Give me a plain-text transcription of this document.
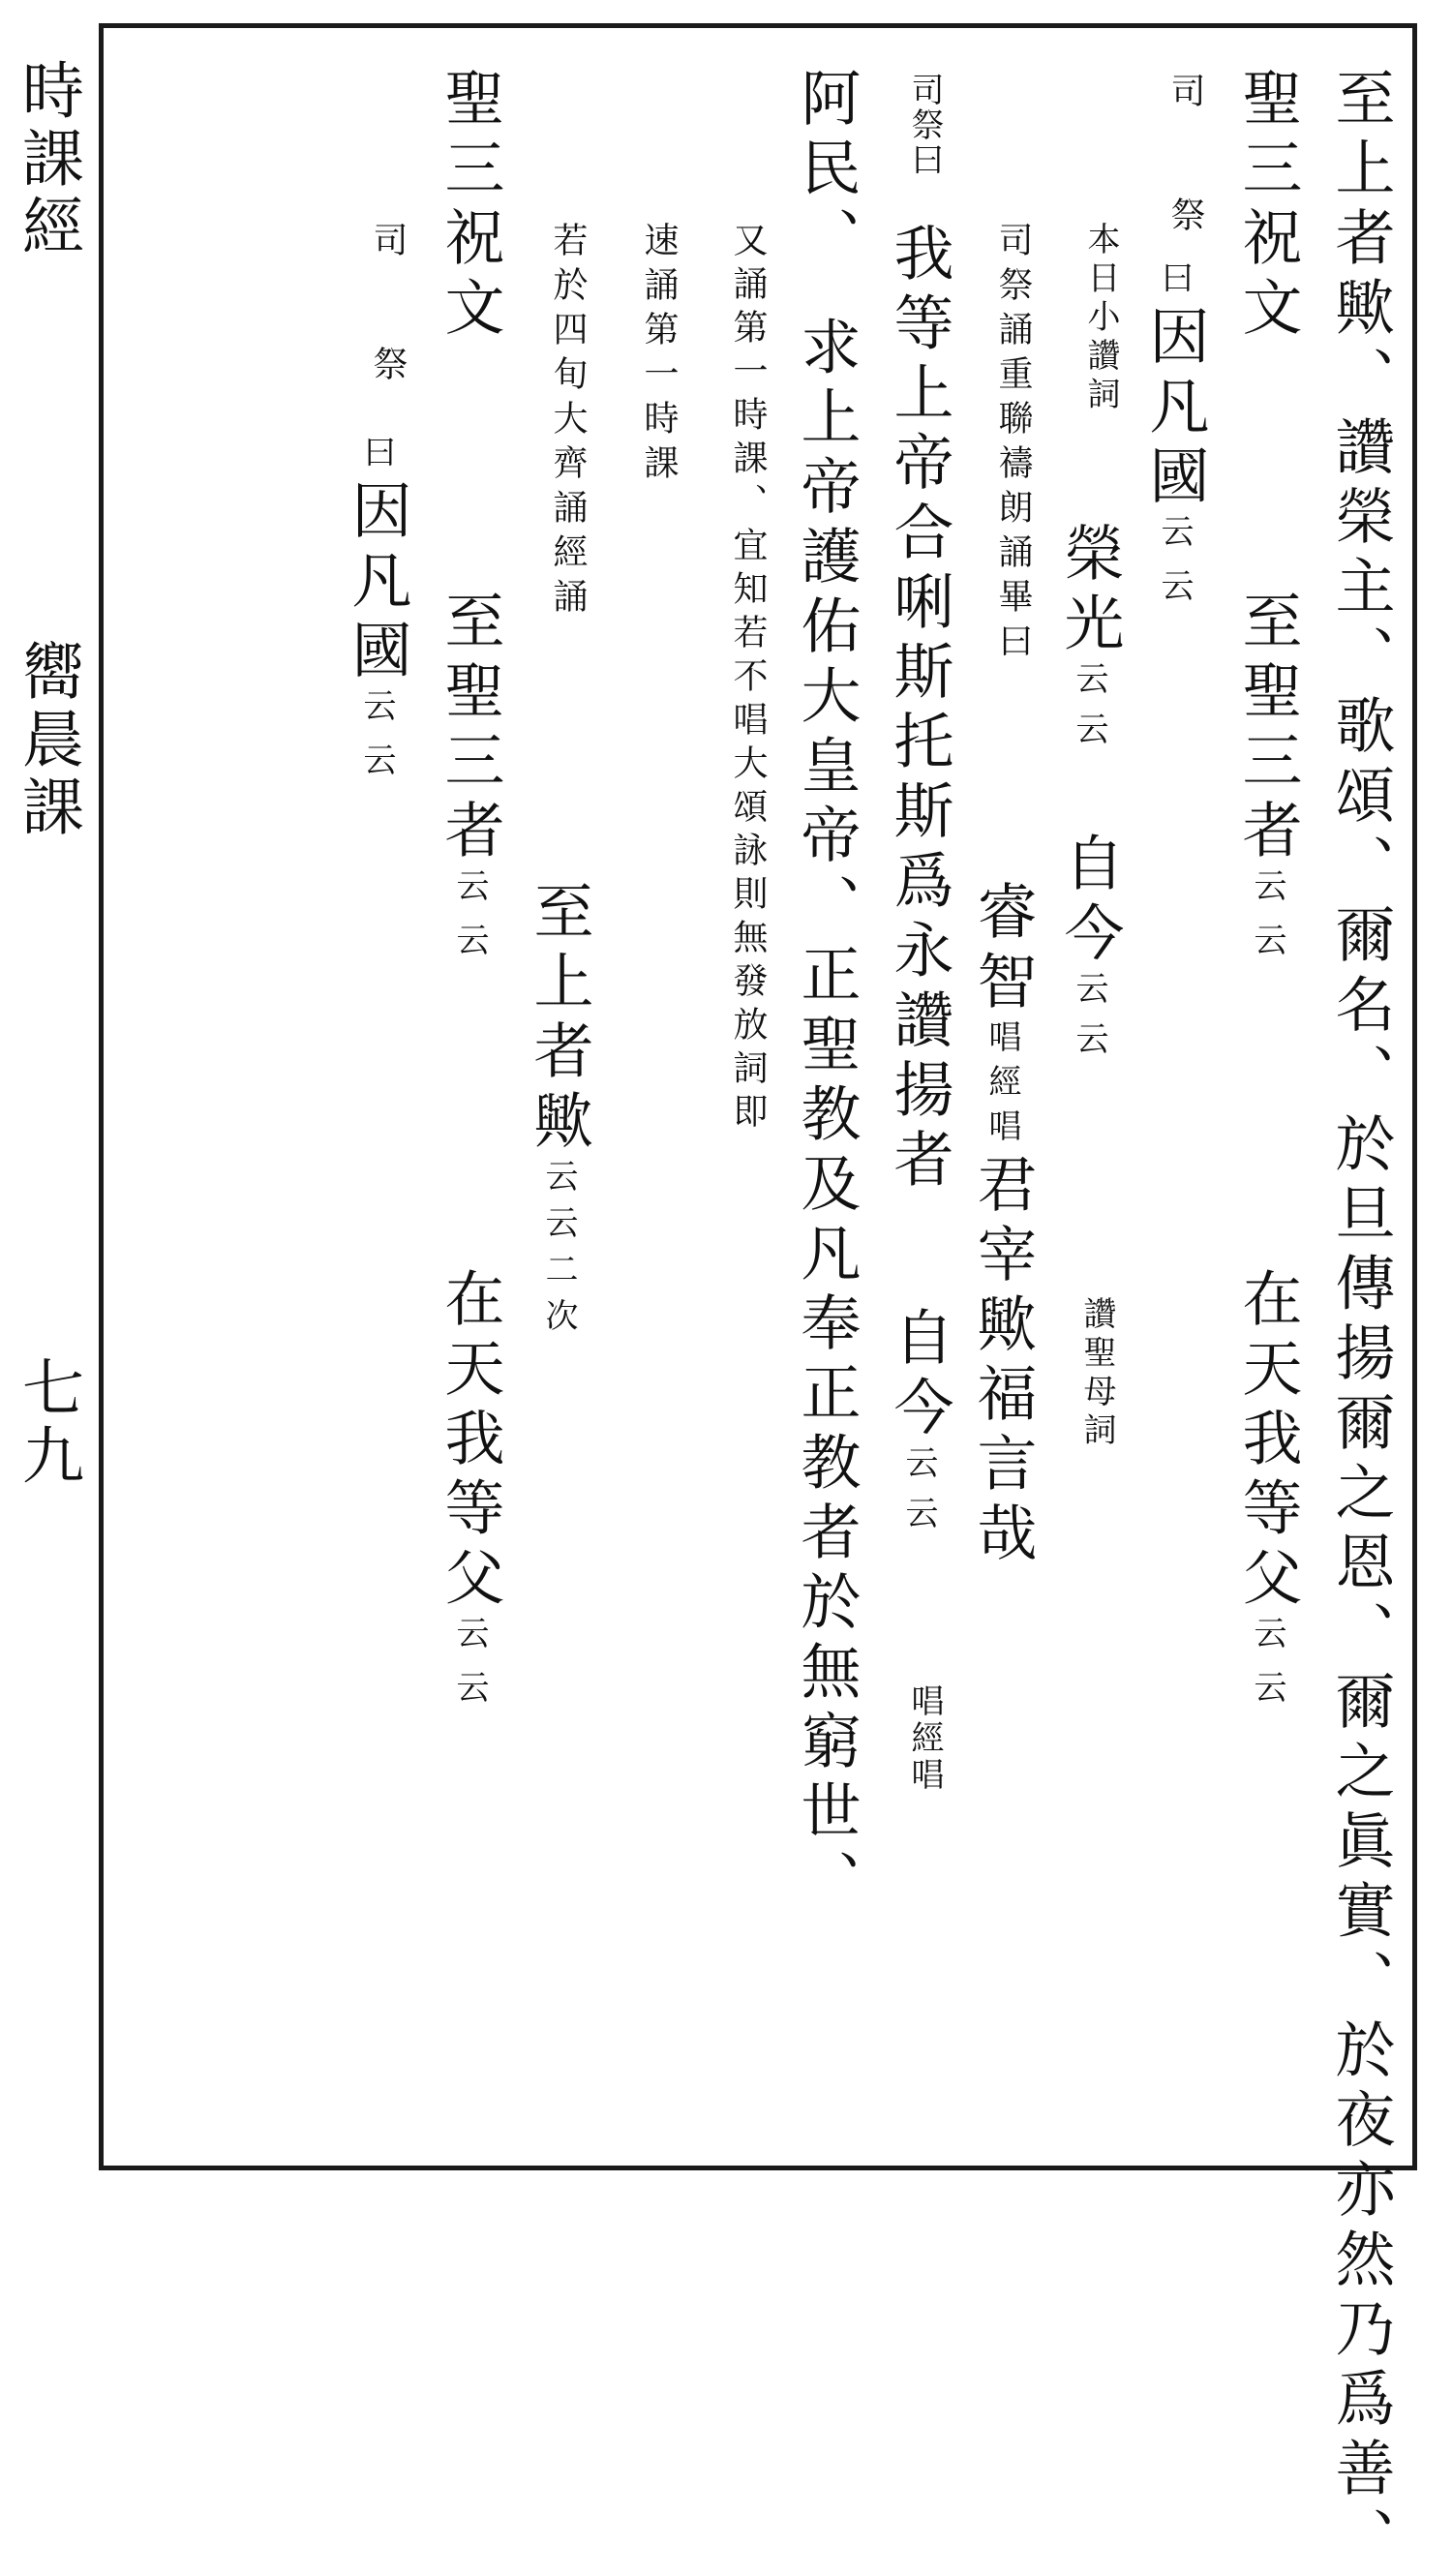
時課經
嚮晨課
七九	至上者歟、讚榮主、歌頌、爾名、於旦傳揚爾之恩、爾之眞實、於夜亦然乃爲善、
聖三祝文
至聖三者云云
在天我等父云云
司　祭
曰因凡國云云
本日小讚詞
榮光云云　自今云云
讚聖母詞
司祭誦重聯禱朗誦畢曰
睿智唱經唱君宰歟福言哉
司祭曰
我等上帝合唎斯托斯爲永讚揚者
自今云云
唱經唱
阿民、　求上帝護佑大皇帝、正聖教及凡奉正教者於無窮世、
又誦第一時課、宜知若不唱大頌詠則無發放詞即
速誦第一時課
若於四旬大齊誦經誦
至上者歟云云二次
聖三祝文
至聖三者云云
在天我等父云云
司　祭
曰因凡國云云
